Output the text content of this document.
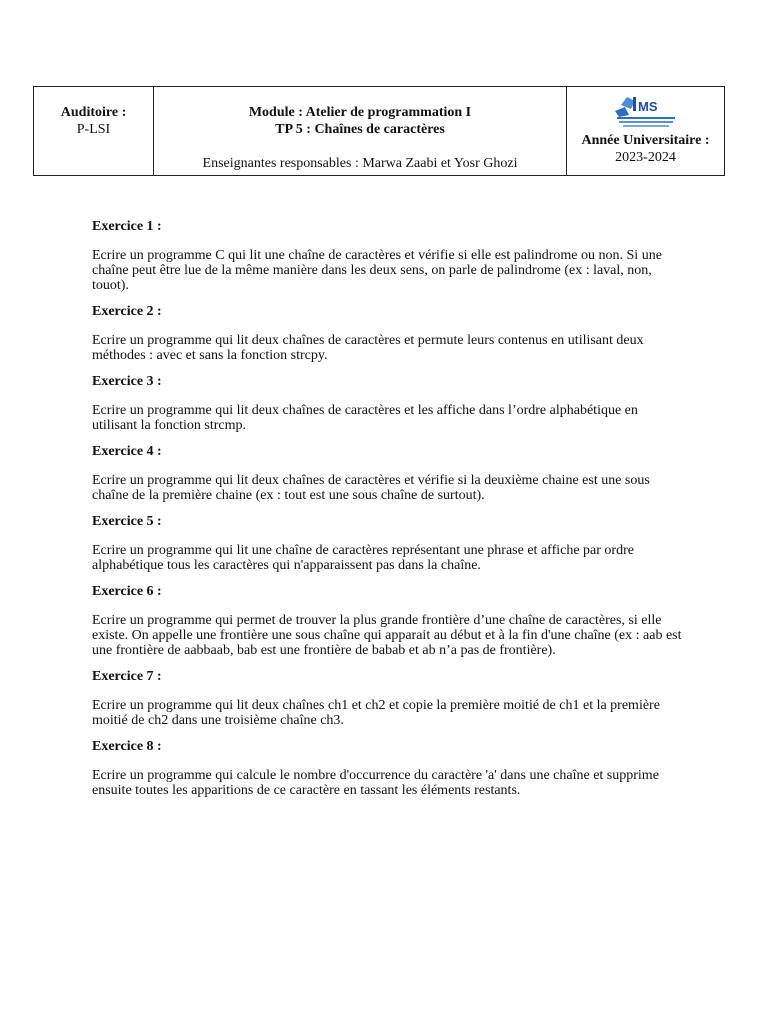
Auditoire :
P-LSI
Module : Atelier de programmation I
TP 5 : Chaînes de caractères
Enseignantes responsables : Marwa Zaabi et Yosr Ghozi
MS
Année Universitaire :
2023-2024

Exercice 1 :

Ecrire un programme C qui lit une chaîne de caractères et vérifie si elle est palindrome ou non. Si une chaîne peut être lue de la même manière dans les deux sens, on parle de palindrome (ex : laval, non, touot).

Exercice 2 :

Ecrire un programme qui lit deux chaînes de caractères et permute leurs contenus en utilisant deux méthodes : avec et sans la fonction strcpy.

Exercice 3 :

Ecrire un programme qui lit deux chaînes de caractères et les affiche dans l’ordre alphabétique en utilisant la fonction strcmp.

Exercice 4 :

Ecrire un programme qui lit deux chaînes de caractères et vérifie si la deuxième chaine est une sous chaîne de la première chaine (ex : tout est une sous chaîne de surtout).

Exercice 5 :

Ecrire un programme qui lit une chaîne de caractères représentant une phrase et affiche par ordre alphabétique tous les caractères qui n'apparaissent pas dans la chaîne.

Exercice 6 :

Ecrire un programme qui permet de trouver la plus grande frontière d’une chaîne de caractères, si elle existe. On appelle une frontière une sous chaîne qui apparait au début et à la fin d'une chaîne (ex : aab est une frontière de aabbaab, bab est une frontière de babab et ab n’a pas de frontière).

Exercice 7 :

Ecrire un programme qui lit deux chaînes ch1 et ch2 et copie la première moitié de ch1 et la première moitié de ch2 dans une troisième chaîne ch3.

Exercice 8 :

Ecrire un programme qui calcule le nombre d'occurrence du caractère 'a' dans une chaîne et supprime ensuite toutes les apparitions de ce caractère en tassant les éléments restants.
